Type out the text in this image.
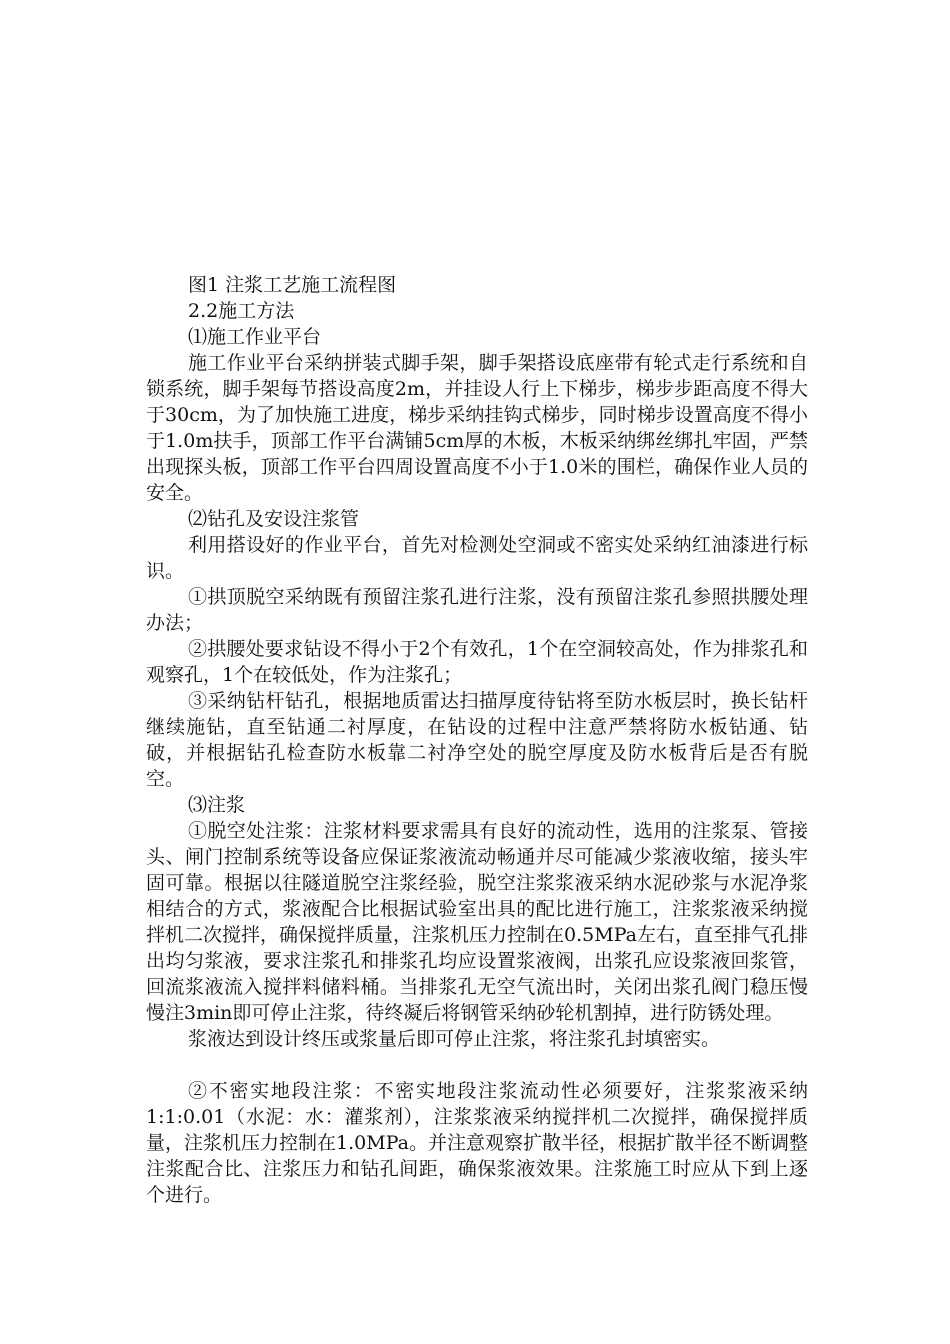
图1 注浆工艺施工流程图

2.2施工方法

⑴施工作业平台

施工作业平台采纳拼装式脚手架，脚手架搭设底座带有轮式走行系统和自锁系统，脚手架每节搭设高度2m，并挂设人行上下梯步，梯步步距高度不得大于30cm，为了加快施工进度，梯步采纳挂钩式梯步，同时梯步设置高度不得小于1.0m扶手，顶部工作平台满铺5cm厚的木板，木板采纳绑丝绑扎牢固，严禁出现探头板，顶部工作平台四周设置高度不小于1.0米的围栏，确保作业人员的安全。

⑵钻孔及安设注浆管

利用搭设好的作业平台，首先对检测处空洞或不密实处采纳红油漆进行标识。

①拱顶脱空采纳既有预留注浆孔进行注浆，没有预留注浆孔参照拱腰处理办法；

②拱腰处要求钻设不得小于2个有效孔，1个在空洞较高处，作为排浆孔和观察孔，1个在较低处，作为注浆孔；

③采纳钻杆钻孔，根据地质雷达扫描厚度待钻将至防水板层时，换长钻杆继续施钻，直至钻通二衬厚度，在钻设的过程中注意严禁将防水板钻通、钻破，并根据钻孔检查防水板靠二衬净空处的脱空厚度及防水板背后是否有脱空。

⑶注浆

①脱空处注浆：注浆材料要求需具有良好的流动性，选用的注浆泵、管接头、闸门控制系统等设备应保证浆液流动畅通并尽可能减少浆液收缩，接头牢固可靠。根据以往隧道脱空注浆经验，脱空注浆浆液采纳水泥砂浆与水泥净浆相结合的方式，浆液配合比根据试验室出具的配比进行施工，注浆浆液采纳搅拌机二次搅拌，确保搅拌质量，注浆机压力控制在0.5MPa左右，直至排气孔排出均匀浆液，要求注浆孔和排浆孔均应设置浆液阀，出浆孔应设浆液回浆管，回流浆液流入搅拌料储料桶。当排浆孔无空气流出时，关闭出浆孔阀门稳压慢慢注3min即可停止注浆，待终凝后将钢管采纳砂轮机割掉，进行防锈处理。

浆液达到设计终压或浆量后即可停止注浆，将注浆孔封填密实。

②不密实地段注浆：不密实地段注浆流动性必须要好，注浆浆液采纳1:1:0.01（水泥：水：灌浆剂），注浆浆液采纳搅拌机二次搅拌，确保搅拌质量，注浆机压力控制在1.0MPa。并注意观察扩散半径，根据扩散半径不断调整注浆配合比、注浆压力和钻孔间距，确保浆液效果。注浆施工时应从下到上逐个进行。
